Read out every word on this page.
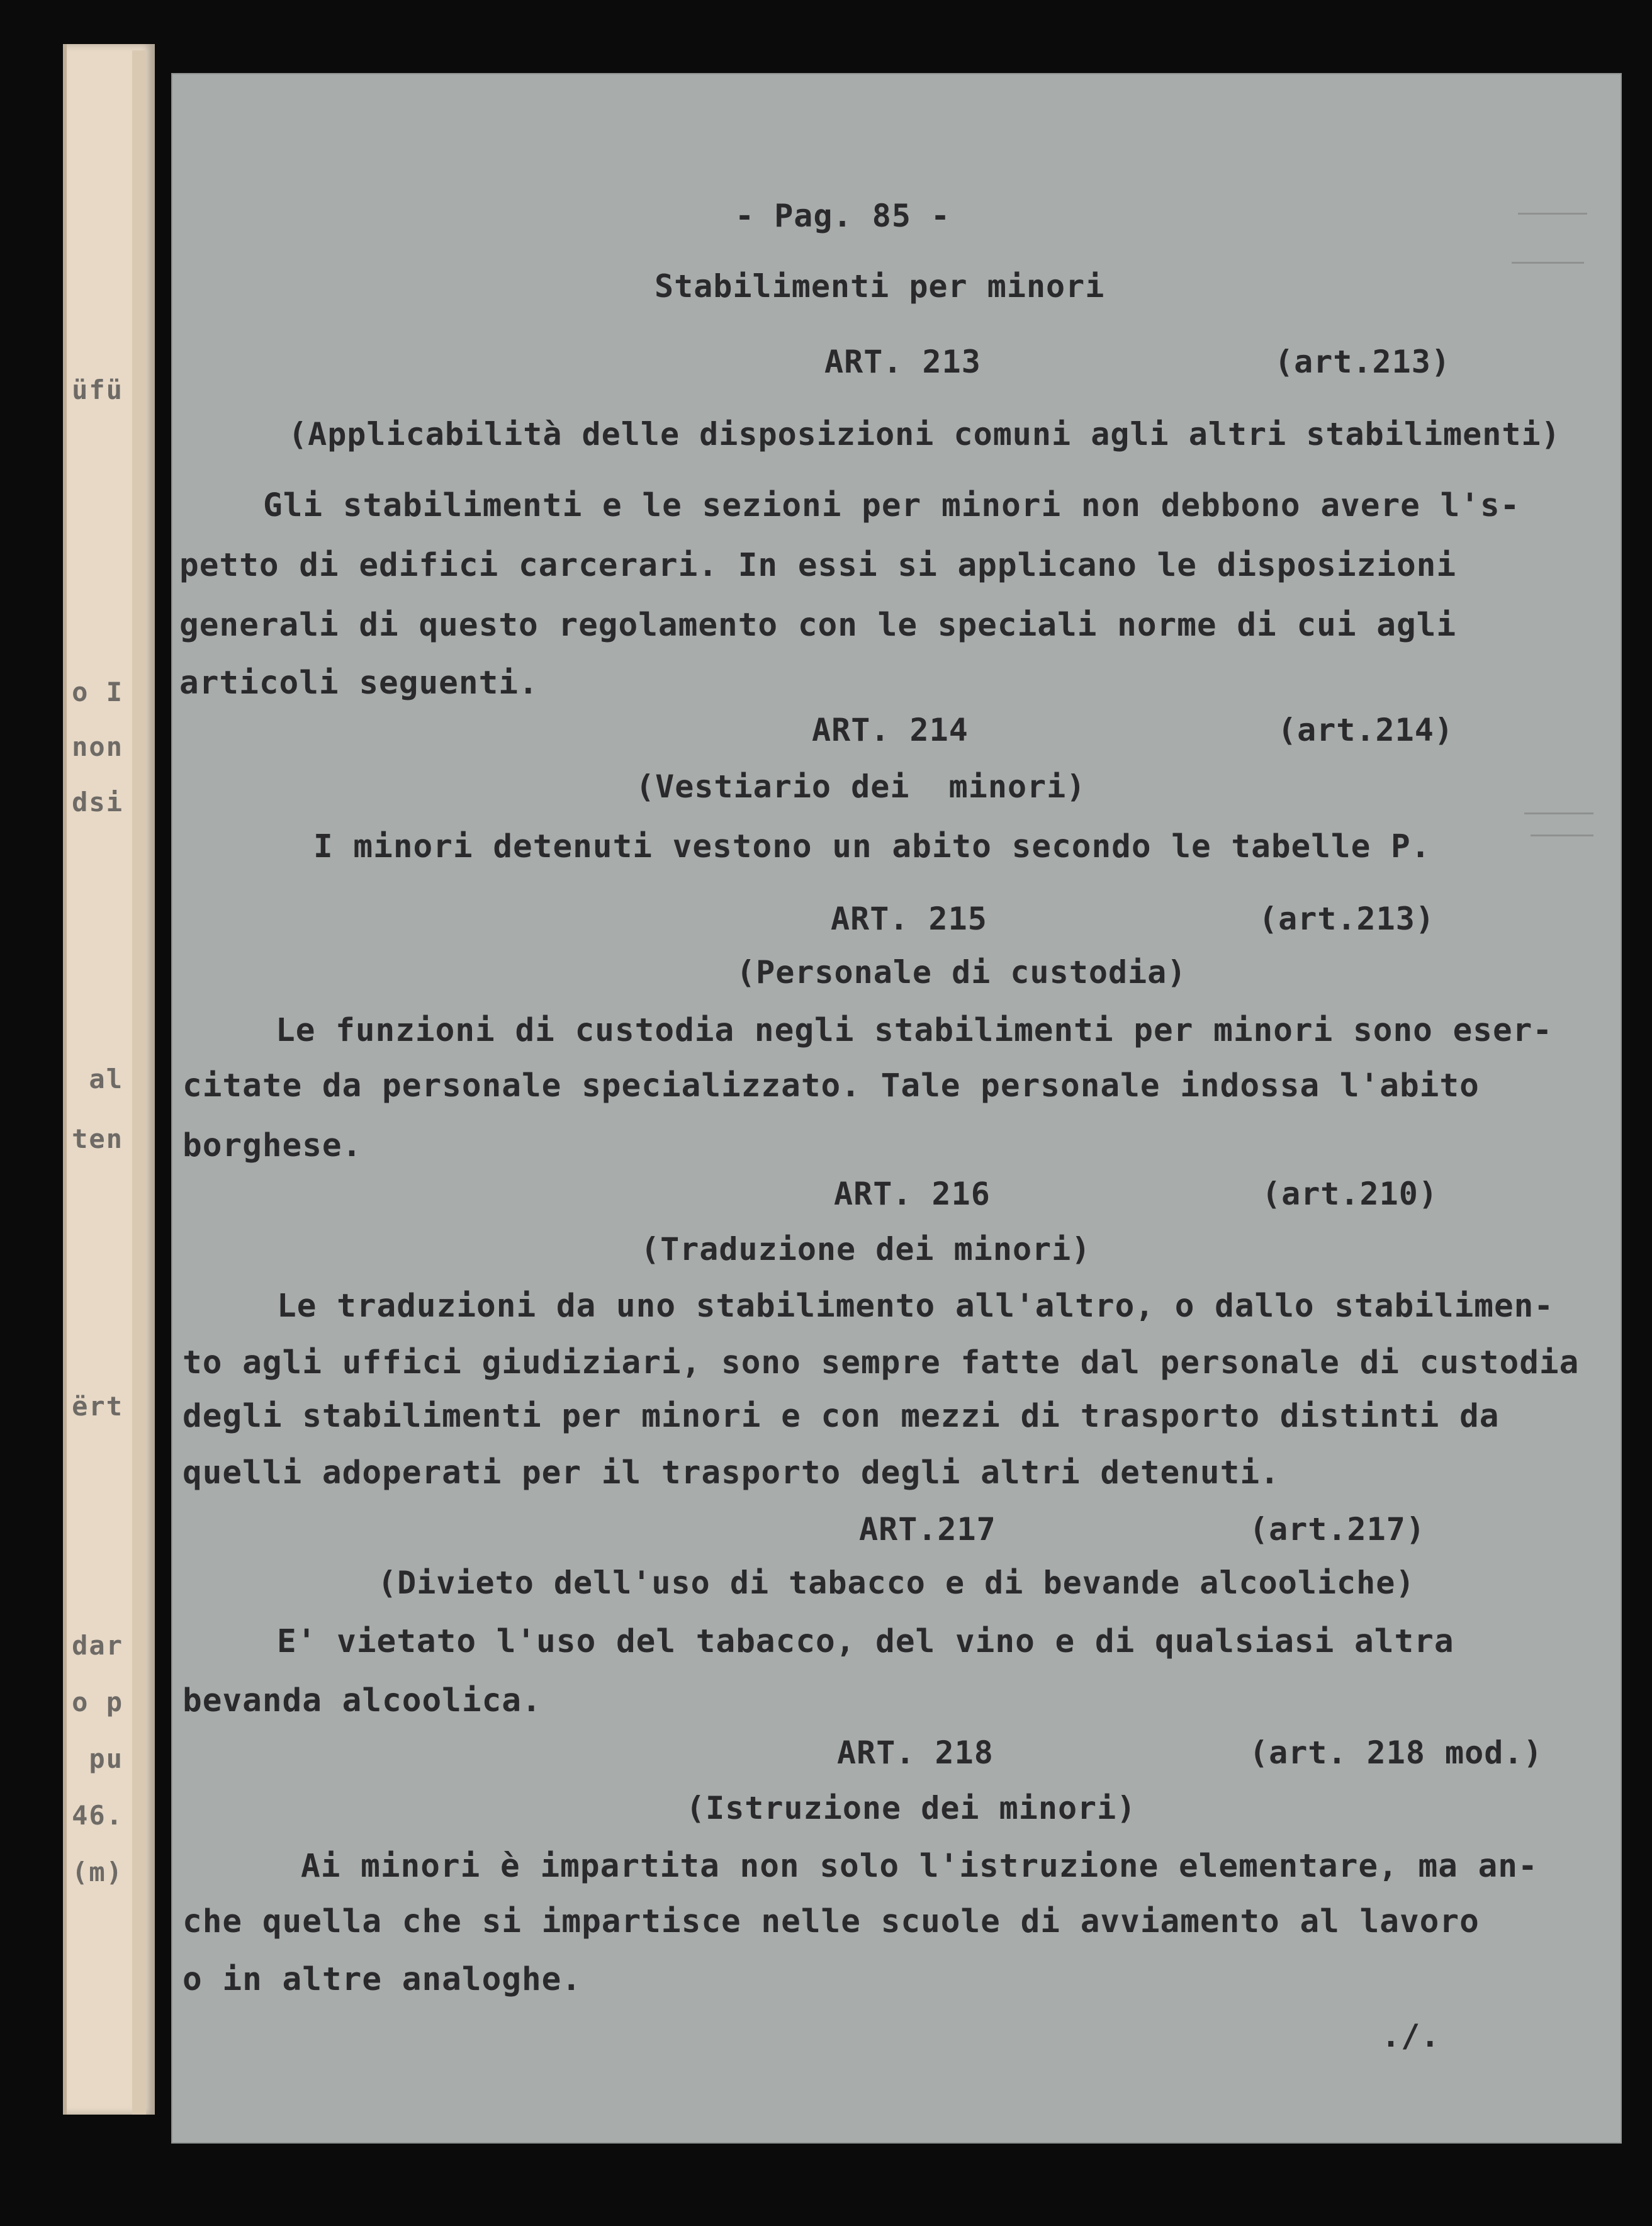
üfü
o I
non
dsi
al
ten
ërt
dar
o p
pu
46.
(m)
- Pag. 85 -
Stabilimenti per minori
ART. 213	(art.213)
(Applicabilità delle disposizioni comuni agli altri stabilimenti)
Gli stabilimenti e le sezioni per minori non debbono avere l's-
petto di edifici carcerari. In essi si applicano le disposizioni
generali di questo regolamento con le speciali norme di cui agli
articoli seguenti.
ART. 214	(art.214)
(Vestiario dei  minori)
I minori detenuti vestono un abito secondo le tabelle P.
ART. 215	(art.213)
(Personale di custodia)
Le funzioni di custodia negli stabilimenti per minori sono eser-
citate da personale specializzato. Tale personale indossa l'abito
borghese.
ART. 216	(art.210)
(Traduzione dei minori)
Le traduzioni da uno stabilimento all'altro, o dallo stabilimen-
to agli uffici giudiziari, sono sempre fatte dal personale di custodia
degli stabilimenti per minori e con mezzi di trasporto distinti da
quelli adoperati per il trasporto degli altri detenuti.
ART.217	(art.217)
(Divieto dell'uso di tabacco e di bevande alcooliche)
E' vietato l'uso del tabacco, del vino e di qualsiasi altra
bevanda alcoolica.
ART. 218	(art. 218 mod.)
(Istruzione dei minori)
Ai minori è impartita non solo l'istruzione elementare, ma an-
che quella che si impartisce nelle scuole di avviamento al lavoro
o in altre analoghe.
./.
